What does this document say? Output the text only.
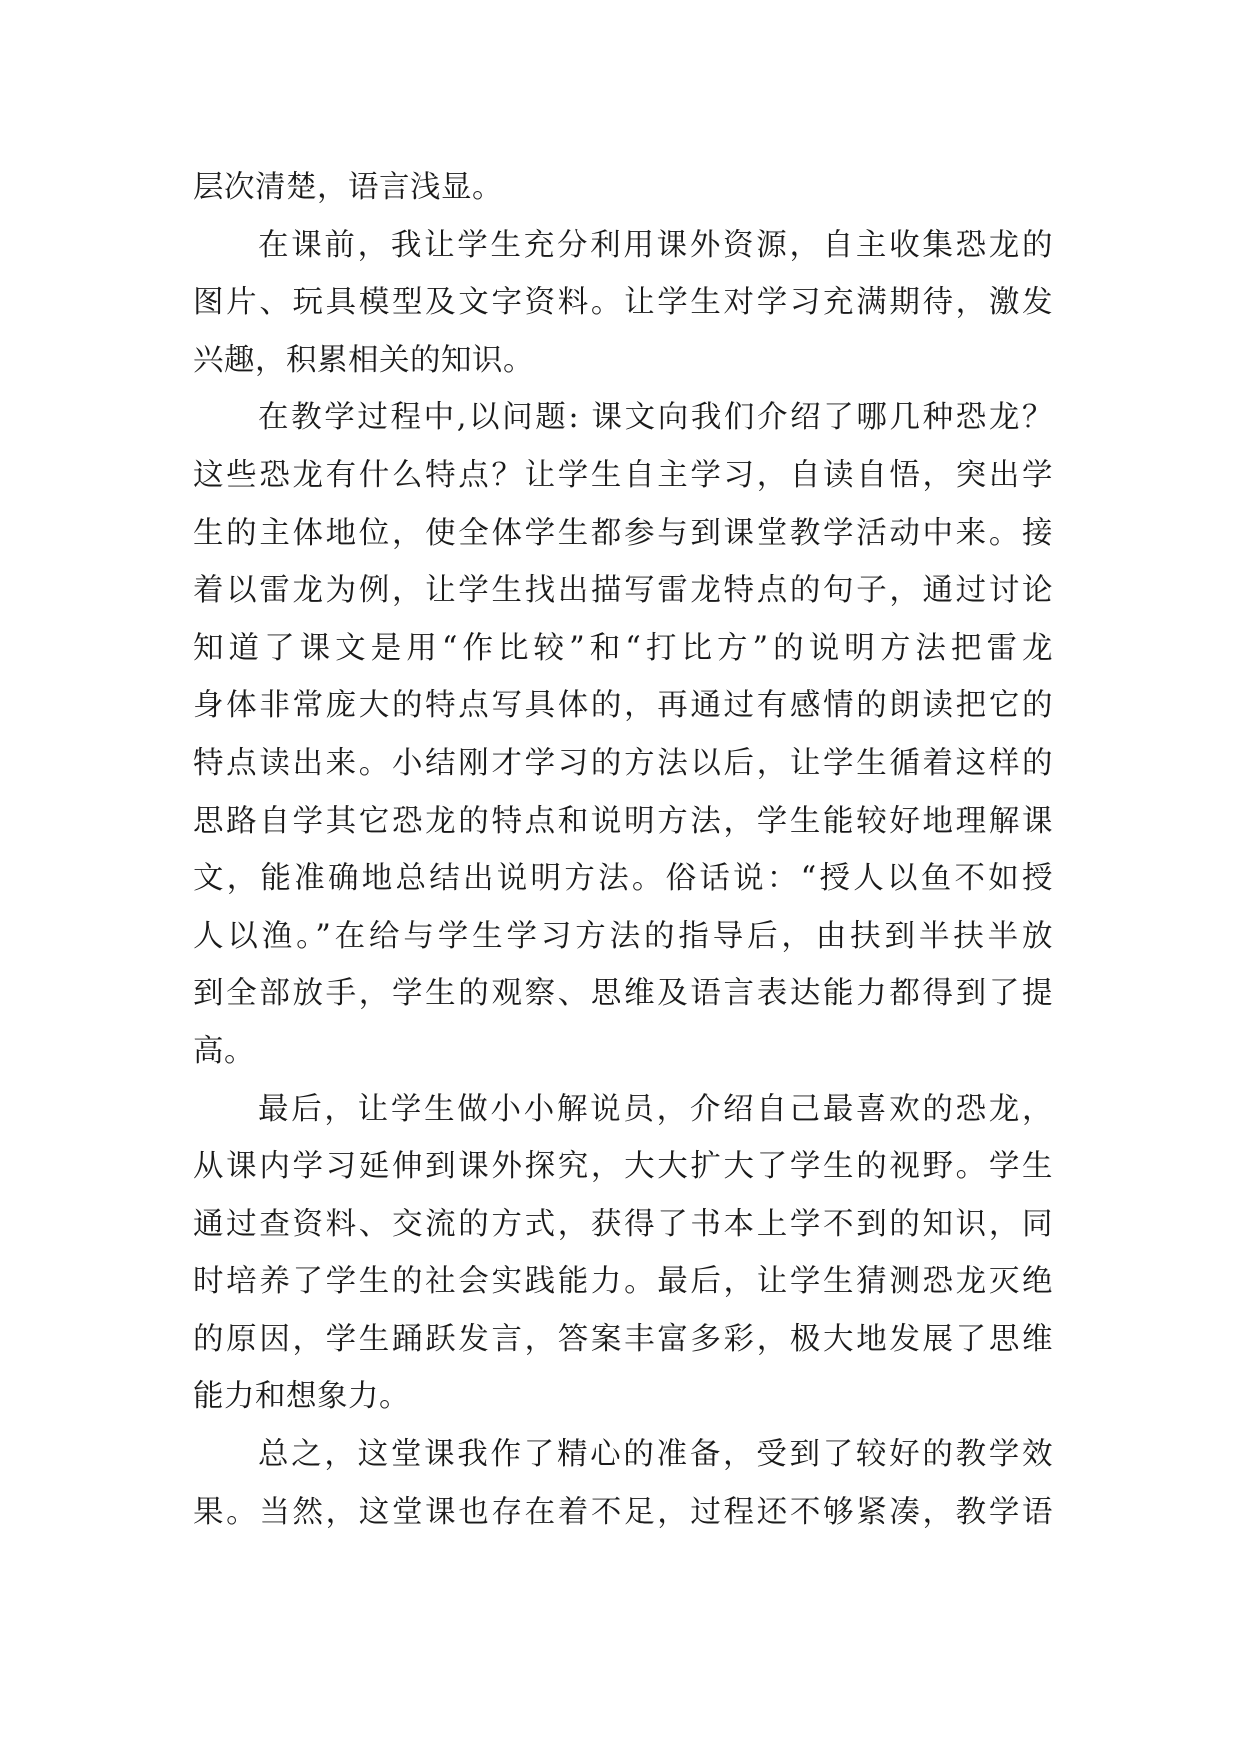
层次清楚，语言浅显。
在课前，我让学生充分利用课外资源，自主收集恐龙的
图片、玩具模型及文字资料。让学生对学习充满期待，激发
兴趣，积累相关的知识。
在教学过程中,以问题: 课文向我们介绍了哪几种恐龙？
这些恐龙有什么特点？让学生自主学习，自读自悟，突出学
生的主体地位，使全体学生都参与到课堂教学活动中来。接
着以雷龙为例，让学生找出描写雷龙特点的句子，通过讨论
知道了课文是用“作比较”和“打比方”的说明方法把雷龙
身体非常庞大的特点写具体的，再通过有感情的朗读把它的
特点读出来。小结刚才学习的方法以后，让学生循着这样的
思路自学其它恐龙的特点和说明方法，学生能较好地理解课
文，能准确地总结出说明方法。俗话说：“授人以鱼不如授
人以渔。”在给与学生学习方法的指导后，由扶到半扶半放
到全部放手，学生的观察、思维及语言表达能力都得到了提
高。
最后，让学生做小小解说员，介绍自己最喜欢的恐龙，
从课内学习延伸到课外探究，大大扩大了学生的视野。学生
通过查资料、交流的方式，获得了书本上学不到的知识，同
时培养了学生的社会实践能力。最后，让学生猜测恐龙灭绝
的原因，学生踊跃发言，答案丰富多彩，极大地发展了思维
能力和想象力。
总之，这堂课我作了精心的准备，受到了较好的教学效
果。当然，这堂课也存在着不足，过程还不够紧凑，教学语
